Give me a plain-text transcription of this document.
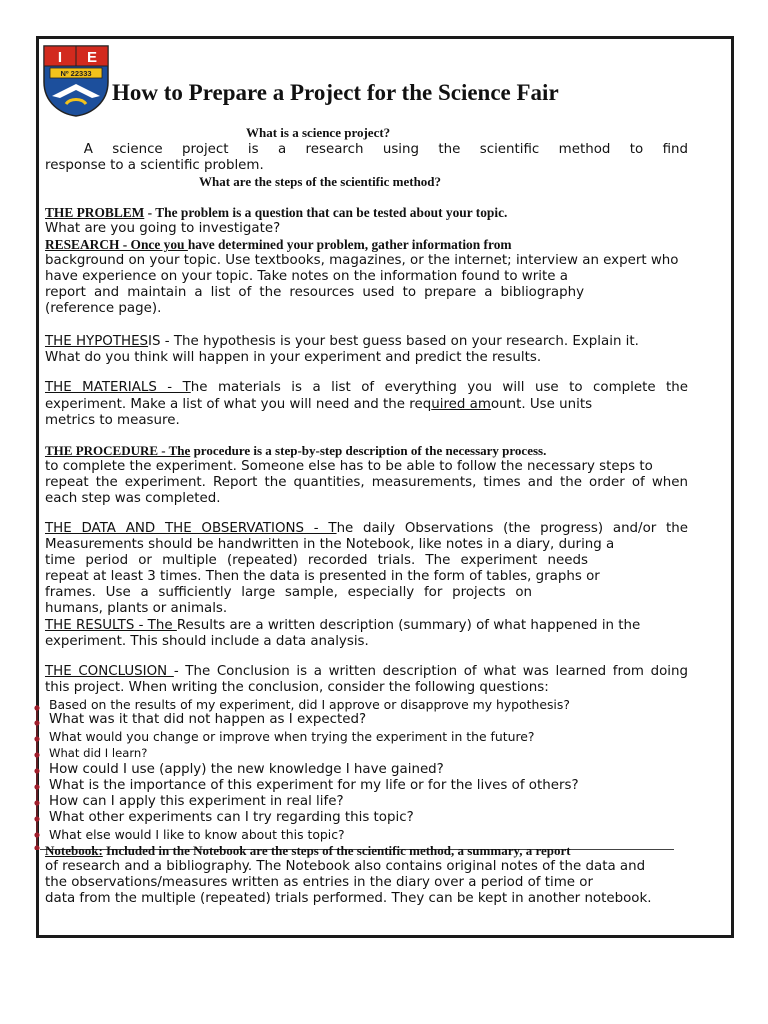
I E
Nº 22333
How to Prepare a Project for the Science Fair
What is a science project?
A science project is a research using the scientific method to find
response to a scientific problem.
What are the steps of the scientific method?
THE PROBLEM - The problem is a question that can be tested about your topic.
What are you going to investigate?
RESEARCH - Once you have determined your problem, gather information from
background on your topic. Use textbooks, magazines, or the internet; interview an expert who
have experience on your topic. Take notes on the information found to write a
report and maintain a list of the resources used to prepare a bibliography
(reference page).
THE HYPOTHESIS - The hypothesis is your best guess based on your research. Explain it.
What do you think will happen in your experiment and predict the results.
THE MATERIALS - The materials is a list of everything you will use to complete the
experiment. Make a list of what you will need and the required amount. Use units
metrics to measure.
THE PROCEDURE - The procedure is a step-by-step description of the necessary process.
to complete the experiment. Someone else has to be able to follow the necessary steps to
repeat the experiment. Report the quantities, measurements, times and the order of when
each step was completed.
THE DATA AND THE OBSERVATIONS - The daily Observations (the progress) and/or the
Measurements should be handwritten in the Notebook, like notes in a diary, during a
time period or multiple (repeated) recorded trials. The experiment needs
repeat at least 3 times. Then the data is presented in the form of tables, graphs or
frames. Use a sufficiently large sample, especially for projects on
humans, plants or animals.
THE RESULTS - The Results are a written description (summary) of what happened in the
experiment. This should include a data analysis.
THE CONCLUSION - The Conclusion is a written description of what was learned from doing
this project. When writing the conclusion, consider the following questions:
Based on the results of my experiment, did I approve or disapprove my hypothesis?
What was it that did not happen as I expected?
What would you change or improve when trying the experiment in the future?
What did I learn?
How could I use (apply) the new knowledge I have gained?
What is the importance of this experiment for my life or for the lives of others?
How can I apply this experiment in real life?
What other experiments can I try regarding this topic?
What else would I like to know about this topic?
Notebook: Included in the Notebook are the steps of the scientific method, a summary, a report
of research and a bibliography. The Notebook also contains original notes of the data and
the observations/measures written as entries in the diary over a period of time or
data from the multiple (repeated) trials performed. They can be kept in another notebook.
